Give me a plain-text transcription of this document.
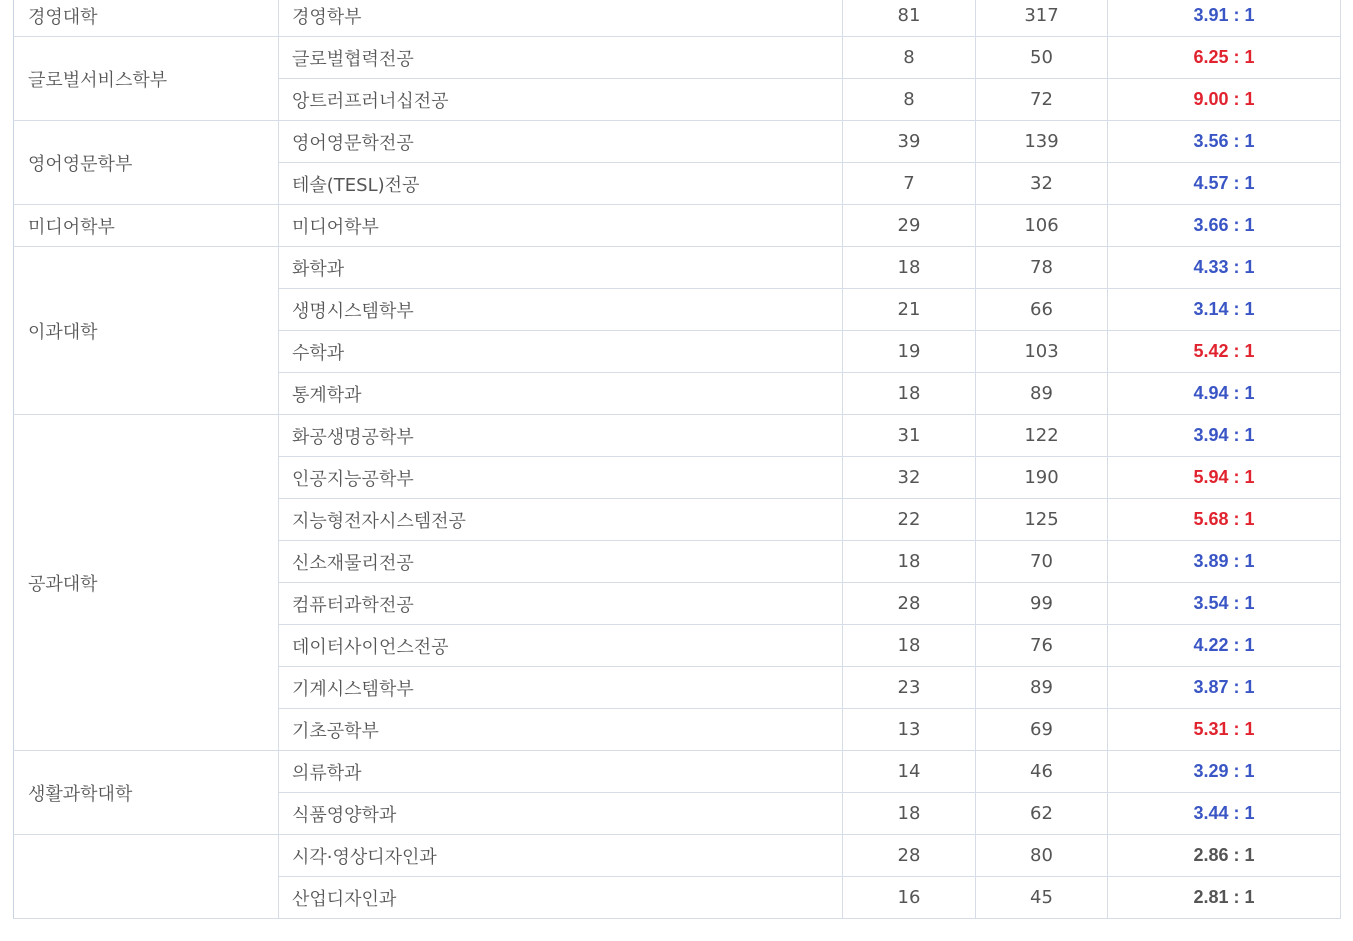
경영대학	경영학부	81	317	3.91 : 1
글로벌서비스학부	글로벌협력전공	8	50	6.25 : 1
	앙트러프러너십전공	8	72	9.00 : 1
영어영문학부	영어영문학전공	39	139	3.56 : 1
	테솔(TESL)전공	7	32	4.57 : 1
미디어학부	미디어학부	29	106	3.66 : 1
이과대학	화학과	18	78	4.33 : 1
	생명시스템학부	21	66	3.14 : 1
	수학과	19	103	5.42 : 1
	통계학과	18	89	4.94 : 1
공과대학	화공생명공학부	31	122	3.94 : 1
	인공지능공학부	32	190	5.94 : 1
	지능형전자시스템전공	22	125	5.68 : 1
	신소재물리전공	18	70	3.89 : 1
	컴퓨터과학전공	28	99	3.54 : 1
	데이터사이언스전공	18	76	4.22 : 1
	기계시스템학부	23	89	3.87 : 1
	기초공학부	13	69	5.31 : 1
생활과학대학	의류학과	14	46	3.29 : 1
	식품영양학과	18	62	3.44 : 1
	시각·영상디자인과	28	80	2.86 : 1
	산업디자인과	16	45	2.81 : 1
